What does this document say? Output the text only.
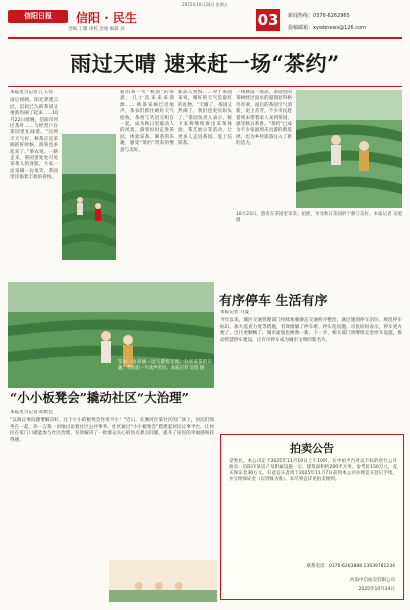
2025年10月24日 星期五
信阳日报	信阳 · 民生
责编 王耀 审校 金栗 编辑 孙
03	新闻热线：0376-6262965
投稿邮箱：xywbnews@126.com
雨过天晴 速来赶一场“茶约”
本报见习记者 江玉伟
雨后初晴，阳光穿透云层，沉寂已久的茶园又重新热闹了起来……10月22日傍晚，信阳市河区茶叶……与经营户在茶园里忙碌着。“这两天天气好，秋茶正是采摘的好时候，游客也多起来了。”茶农说。一路走来，茶园里处处可见采茶人的身影，大家一边采摘一边说笑，茶园里洋溢着丰收的喜悦。
新的茶一年“秋韵”的茶意，几十次来来来清源…… 秋茶采摘已近尾声，茶农们抓住晴好天气抢收，茶香与笑语交织在一起，成为秋日里最动人的风景。游客纷纷走进茶园，体验采茶、制茶的乐趣，感受“茶约”带来的惬意与美好。
新品人喜悦……对于茶园来说，晴好的天气是最好的礼物。“天晴了，茶园又热闹了，我们也更有盼头了。”茶园负责人表示，接下来将继续推出采茶体验、茶艺展示等活动，让更多人走进茶园、爱上信阳茶。
一场秋雨一场凉，茶园里的茶树经过雨水的滋润显得格外青翠。雨后的茶园空气清新，泥土芬芳，不少市民趁着周末带着家人来到茶园，感受秋日茶香。“茶约”已成为不少家庭周末出游的新选择，也为乡村旅游注入了新的活力。
10月23日，游客在茶园里采茶、拍照，享受秋日茶园的宁静与美好。本报记者 吴旭 摄
茶农一边采摘一边与游客交流，分享采茶的乐趣，茶园里一片欢声笑语。本报记者 吴旭 摄
有序停车 生活有序
本报记者 马曼
今年以来，城区交通管理部门持续加强静态交通秩序整治，通过施划停车泊位、规范停车标识、加大巡查力度等措施，有效缓解了停车难、停车乱问题。市民纷纷表示，停车更方便了，出行更顺畅了，城市面貌也焕然一新。下一步，相关部门将继续完善停车设施，推动智慧停车建设，让有序停车成为城市文明的新名片。
“小小板凳会”撬动社区“大治理”
本报见习记者 胡紫佳
“议政议事问题要解决好，这个小小的板凳会作用不小！”近日，在浉河区某社区的广场上，居民们围坐在一起，你一言我一语地讨论着社区公共事务。社区通过“小小板凳会”搭建起居民议事平台，让居民在家门口就能参与社区治理，有效解决了一批群众关心的热点难点问题，提升了居民的幸福感和获得感。
拍卖公告
受委托，本公司定于2025年11月10日上午10时，在中拍平台对以下标的进行公开拍卖：信阳市某房产及附属设施一宗，建筑面积约200平方米，参考价150万元，竞买保证金30万元。有意竞买者请于2025年11月7日前到本公司办理竞买登记手续，并交纳保证金（以到账为准）。未尽事宜详见拍卖规则。
联系电话：0376-6263888 13939781234
河南中启拍卖有限公司
2025年10月24日
